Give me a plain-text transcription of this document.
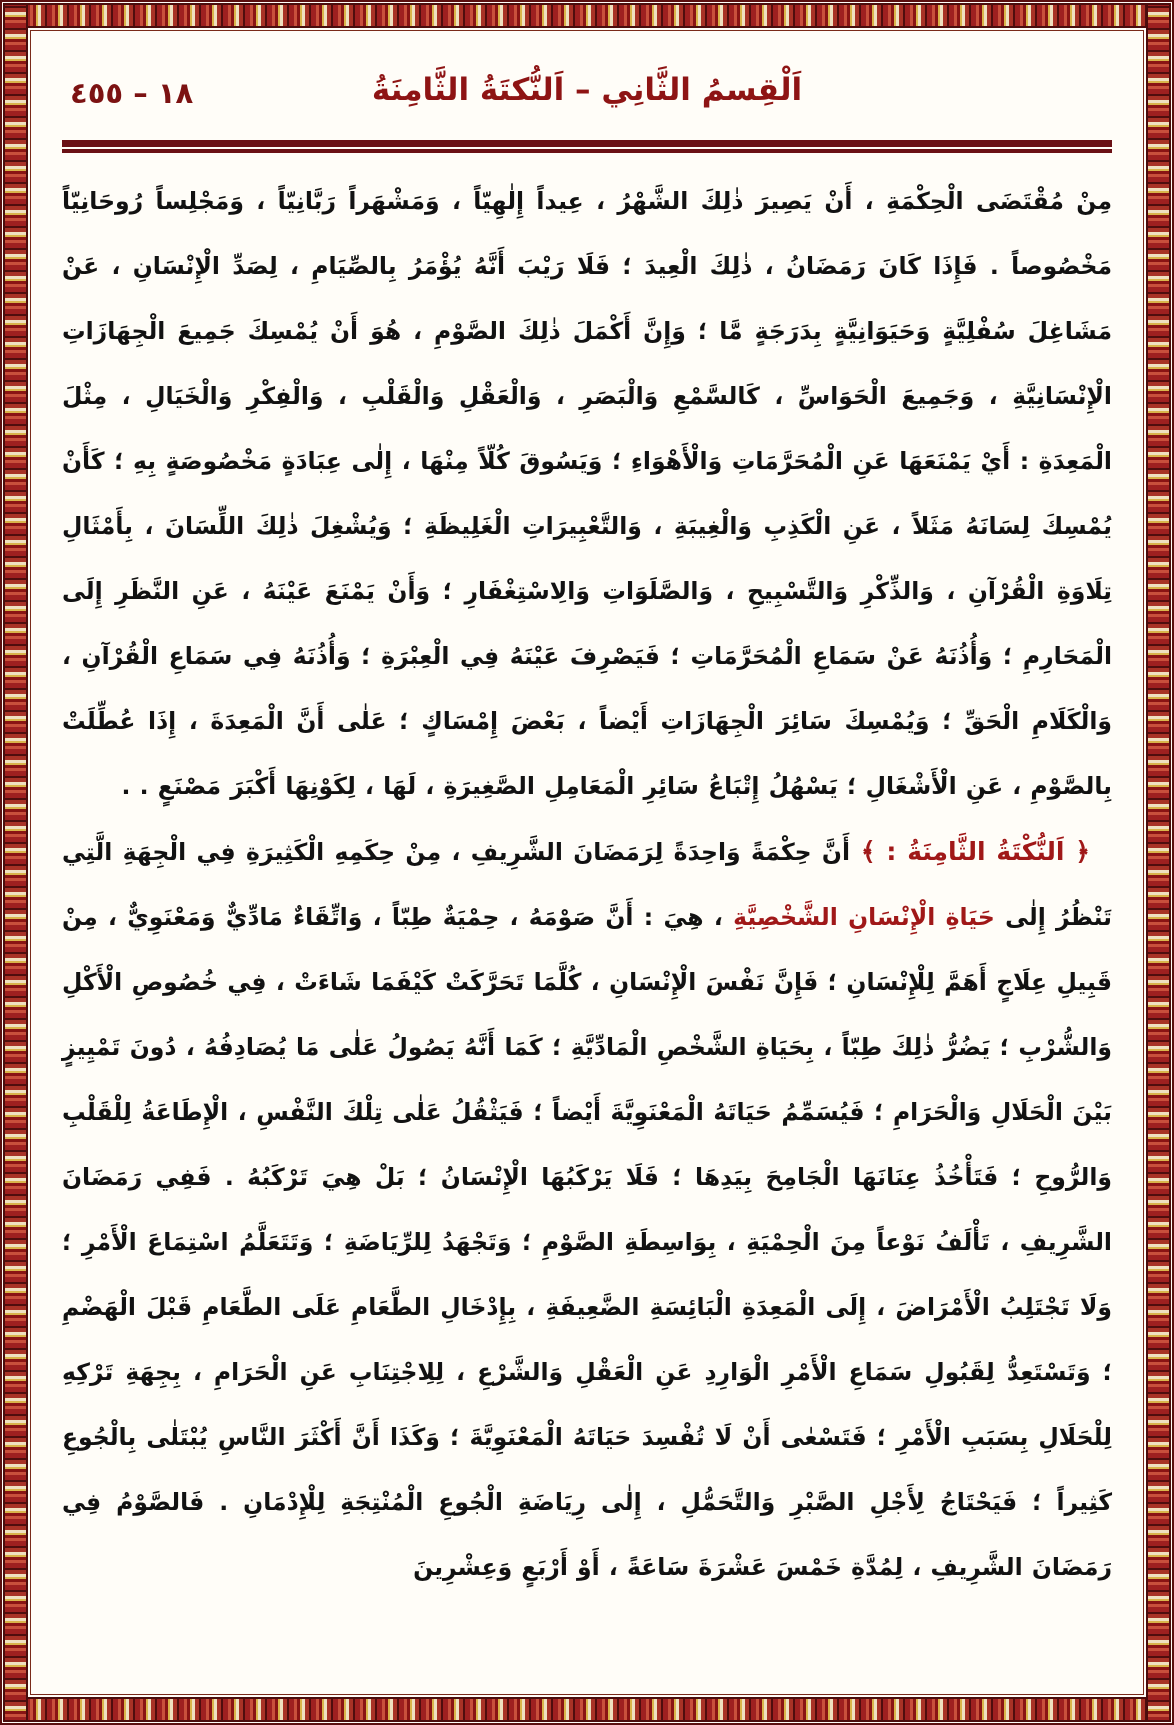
اَلْقِسمُ الثَّانِي – اَلنُّكتَةُ الثَّامِنَةُ
١٨ – ٤٥٥

مِنْ مُقْتَضَى الْحِكْمَةِ ، أَنْ يَصِيرَ ذٰلِكَ الشَّهْرُ ، عِيداً إِلٰهِيّاً ، وَمَشْهَراً رَبَّانِيّاً ، وَمَجْلِساً رُوحَانِيّاً مَخْصُوصاً . فَإِذَا كَانَ رَمَضَانُ ، ذٰلِكَ الْعِيدَ ؛ فَلَا رَيْبَ أَنَّهُ يُؤْمَرُ بِالصِّيَامِ ، لِصَدِّ الْإِنْسَانِ ، عَنْ مَشَاغِلَ سُفْلِيَّةٍ وَحَيَوَانِيَّةٍ بِدَرَجَةٍ مَّا ؛ وَإِنَّ أَكْمَلَ ذٰلِكَ الصَّوْمِ ، هُوَ أَنْ يُمْسِكَ جَمِيعَ الْجِهَازَاتِ الْإِنْسَانِيَّةِ ، وَجَمِيعَ الْحَوَاسِّ ، كَالسَّمْعِ وَالْبَصَرِ ، وَالْعَقْلِ وَالْقَلْبِ ، وَالْفِكْرِ وَالْخَيَالِ ، مِثْلَ الْمَعِدَةِ : أَيْ يَمْنَعَهَا عَنِ الْمُحَرَّمَاتِ وَالْأَهْوَاءِ ؛ وَيَسُوقَ كُلّاً مِنْهَا ، إِلٰى عِبَادَةٍ مَخْصُوصَةٍ بِهِ ؛ كَأَنْ يُمْسِكَ لِسَانَهُ مَثَلاً ، عَنِ الْكَذِبِ وَالْغِيبَةِ ، وَالتَّعْبِيرَاتِ الْغَلِيظَةِ ؛ وَيُشْغِلَ ذٰلِكَ اللِّسَانَ ، بِأَمْثَالِ تِلَاوَةِ الْقُرْآنِ ، وَالذِّكْرِ وَالتَّسْبِيحِ ، وَالصَّلَوَاتِ وَالِاسْتِغْفَارِ ؛ وَأَنْ يَمْنَعَ عَيْنَهُ ، عَنِ النَّظَرِ إِلَى الْمَحَارِمِ ؛ وَأُذُنَهُ عَنْ سَمَاعِ الْمُحَرَّمَاتِ ؛ فَيَصْرِفَ عَيْنَهُ فِي الْعِبْرَةِ ؛ وَأُذُنَهُ فِي سَمَاعِ الْقُرْآنِ ، وَالْكَلَامِ الْحَقِّ ؛ وَيُمْسِكَ سَائِرَ الْجِهَازَاتِ أَيْضاً ، بَعْضَ إِمْسَاكٍ ؛ عَلٰى أَنَّ الْمَعِدَةَ ، إِذَا عُطِّلَتْ بِالصَّوْمِ ، عَنِ الْأَشْغَالِ ؛ يَسْهُلُ إِتْبَاعُ سَائِرِ الْمَعَامِلِ الصَّغِيرَةِ ، لَهَا ، لِكَوْنِهَا أَكْبَرَ مَصْنَعٍ . .

﴿ اَلنُّكْتَةُ الثَّامِنَةُ : ﴾ أَنَّ حِكْمَةً وَاحِدَةً لِرَمَضَانَ الشَّرِيفِ ، مِنْ حِكَمِهِ الْكَثِيرَةِ فِي الْجِهَةِ الَّتِي تَنْظُرُ إِلٰى حَيَاةِ الْإِنْسَانِ الشَّخْصِيَّةِ ، هِيَ : أَنَّ صَوْمَهُ ، حِمْيَةٌ طِبّاً ، وَاتِّقَاءٌ مَادِّيٌّ وَمَعْنَوِيٌّ ، مِنْ قَبِيلِ عِلَاجٍ أَهَمَّ لِلْإِنْسَانِ ؛ فَإِنَّ نَفْسَ الْإِنْسَانِ ، كُلَّمَا تَحَرَّكَتْ كَيْفَمَا شَاءَتْ ، فِي خُصُوصِ الْأَكْلِ وَالشُّرْبِ ؛ يَضُرُّ ذٰلِكَ طِبّاً ، بِحَيَاةِ الشَّخْصِ الْمَادِّيَّةِ ؛ كَمَا أَنَّهُ يَصُولُ عَلٰى مَا يُصَادِفُهُ ، دُونَ تَمْيِيزٍ بَيْنَ الْحَلَالِ وَالْحَرَامِ ؛ فَيُسَمِّمُ حَيَاتَهُ الْمَعْنَوِيَّةَ أَيْضاً ؛ فَيَثْقُلُ عَلٰى تِلْكَ النَّفْسِ ، الْإِطَاعَةُ لِلْقَلْبِ وَالرُّوحِ ؛ فَتَأْخُذُ عِنَانَهَا الْجَامِحَ بِيَدِهَا ؛ فَلَا يَرْكَبُهَا الْإِنْسَانُ ؛ بَلْ هِيَ تَرْكَبُهُ . فَفِي رَمَضَانَ الشَّرِيفِ ، تَأْلَفُ نَوْعاً مِنَ الْحِمْيَةِ ، بِوَاسِطَةِ الصَّوْمِ ؛ وَتَجْهَدُ لِلرِّيَاضَةِ ؛ وَتَتَعَلَّمُ اسْتِمَاعَ الْأَمْرِ ؛ وَلَا تَجْتَلِبُ الْأَمْرَاضَ ، إِلَى الْمَعِدَةِ الْبَائِسَةِ الضَّعِيفَةِ ، بِإِدْخَالِ الطَّعَامِ عَلَى الطَّعَامِ قَبْلَ الْهَضْمِ ؛ وَتَسْتَعِدُّ لِقَبُولِ سَمَاعِ الْأَمْرِ الْوَارِدِ عَنِ الْعَقْلِ وَالشَّرْعِ ، لِلِاجْتِنَابِ عَنِ الْحَرَامِ ، بِجِهَةِ تَرْكِهِ لِلْحَلَالِ بِسَبَبِ الْأَمْرِ ؛ فَتَسْعٰى أَنْ لَا تُفْسِدَ حَيَاتَهُ الْمَعْنَوِيَّةَ ؛ وَكَذَا أَنَّ أَكْثَرَ النَّاسِ يُبْتَلٰى بِالْجُوعِ كَثِيراً ؛ فَيَحْتَاجُ لِأَجْلِ الصَّبْرِ وَالتَّحَمُّلِ ، إِلٰى رِيَاضَةِ الْجُوعِ الْمُنْتِجَةِ لِلْإِدْمَانِ . فَالصَّوْمُ فِي رَمَضَانَ الشَّرِيفِ ، لِمُدَّةِ خَمْسَ عَشْرَةَ سَاعَةً ، أَوْ أَرْبَعٍ وَعِشْرِينَ
